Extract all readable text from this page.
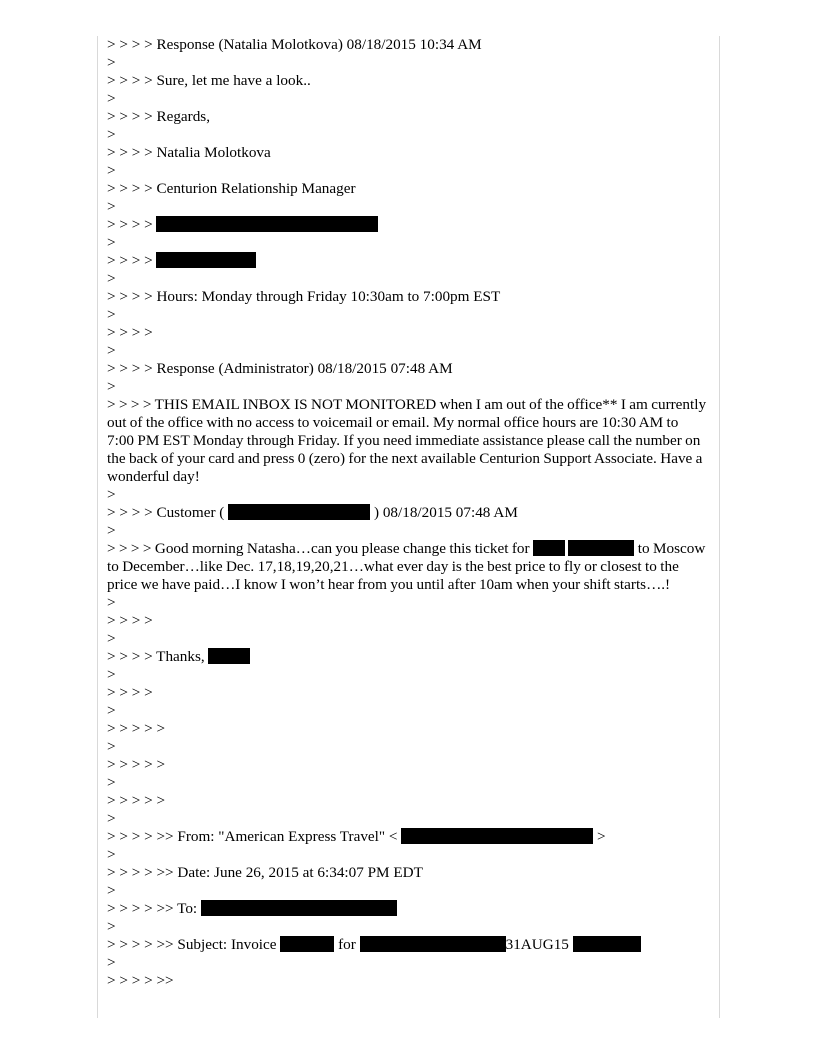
> > > > Response (Natalia Molotkova) 08/18/2015 10:34 AM
>
> > > > Sure, let me have a look..
>
> > > > Regards,
>
> > > > Natalia Molotkova
>
> > > > Centurion Relationship Manager
>
> > > >
>
> > > >
>
> > > > Hours: Monday through Friday 10:30am to 7:00pm EST
>
> > > >
>
> > > > Response (Administrator) 08/18/2015 07:48 AM
>
> > > > THIS EMAIL INBOX IS NOT MONITORED when I am out of the office** I am currently out of the office with no access to voicemail or email. My normal office hours are 10:30 AM to 7:00 PM EST Monday through Friday. If you need immediate assistance please call the number on the back of your card and press 0 (zero) for the next available Centurion Support Associate. Have a wonderful day!
>
> > > > Customer (	) 08/18/2015 07:48 AM
>
> > > > Good morning Natasha…can you please change this ticket for	to Moscow to December…like Dec. 17,18,19,20,21…what ever day is the best price to fly or closest to the price we have paid…I know I won’t hear from you until after 10am when your shift starts….!
>
> > > >
>
> > > > Thanks,
>
> > > >
>
> > > > >
>
> > > > >
>
> > > > >
>
> > > > >> From: "American Express Travel" <	>
>
> > > > >> Date: June 26, 2015 at 6:34:07 PM EDT
>
> > > > >> To:
>
> > > > >> Subject: Invoice	for	31AUG15
>
> > > > >>
